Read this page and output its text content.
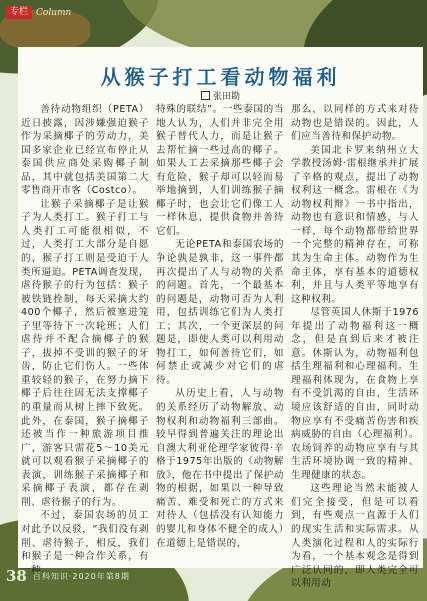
专栏 Column
从猴子打工看动物福利
张田勘

善待动物组织（PETA）近日披露，因涉嫌强迫猴子作为采摘椰子的劳动力，美国多家企业已经宣布停止从泰国供应商处采购椰子制品，其中就包括美国第二大零售商开市客（Costco）。

让猴子采摘椰子是让猴子为人类打工。猴子打工与人类打工可能很相似，不过，人类打工大部分是自愿的，猴子打工则是受迫于人类所逼迫。PETA调查发现，虐待猴子的行为包括：猴子被铁链拴制，每天采摘大约400个椰子，然后被塞进笼子里等待下一次轮班；人们虐待并不配合摘椰子的猴子，拔掉不受训的猴子的牙齿，防止它们伤人。一些体重较轻的猴子，在努力摘下椰子后往往因无法支撑椰子的重量而从树上摔下致死。此外，在泰国，猴子摘椰子还被当作一种旅游项目推广，游客只需花5～10美元就可以观看猴子采摘椰子的表演，训练猴子采摘椰子和采摘椰子表演，都存在剥削、虐待猴子的行为。

不过，泰国农场的员工对此予以反驳，“我们没有剥削、虐待猴子，相反，我们和猴子是一种合作关系，有一种

特殊的联结”。一些泰国的当地人认为，人们并非完全用猴子替代人力，而是让猴子去帮忙摘一些过高的椰子。如果人工去采摘那些椰子会有危险，猴子却可以轻而易举地摘到，人们训练猴子摘椰子时，也会让它们像工人一样休息，提供食物并善待它们。

无论PETA和泰国农场的争论孰是孰非，这一事件都再次提出了人与动物的关系的问题。首先，一个最基本的问题是，动物可否为人利用，包括训练它们为人类打工；其次，一个更深层的问题是，即使人类可以利用动物打工，如何善待它们，如何禁止或减少对它们的虐待。

从历史上看，人与动物的关系经历了动物解放、动物权利和动物福利三部曲。较早得到普遍关注的理论出自澳大利亚伦理学家彼得·辛格于1975年出版的《动物解放》，他在书中提出了保护动物的根据，如果以一种导致痛苦、难受和死亡的方式来对待人（包括没有认知能力的婴儿和身体不健全的成人）在道德上是错误的，

那么，以同样的方式来对待动物也是错误的。因此，人们应当善待和保护动物。

美国北卡罗来纳州立大学教授汤姆·雷根继承并扩展了辛格的观点，提出了动物权利这一概念。雷根在《为动物权利辩》一书中指出，动物也有意识和情感，与人一样，每个动物都带给世界一个完整的精神存在，可称其为生命主体。动物作为生命主体，享有基本的道德权利，并且与人类平等地享有这种权利。

尽管英国人休斯于1976年提出了动物福利这一概念，但是直到后来才被注意。休斯认为，动物福利包括生理福利和心理福利。生理福利体现为，在食物上享有不受饥渴的自由，生活环境应该舒适的自由，同时动物应享有不受痛苦伤害和疾病威胁的自由（心理福利）。农场饲养的动物应享有与其生活环境协调一致的精神、生理健康的状态。

这些理论当然未能被人们完全接受，但是可以看到，有些观点一直源于人们的现实生活和实际需求。从人类演化过程和人的实际行为看，一个基本观念是得到广泛认同的，即人类完全可以利用动

38 百科知识·2020年第8期
